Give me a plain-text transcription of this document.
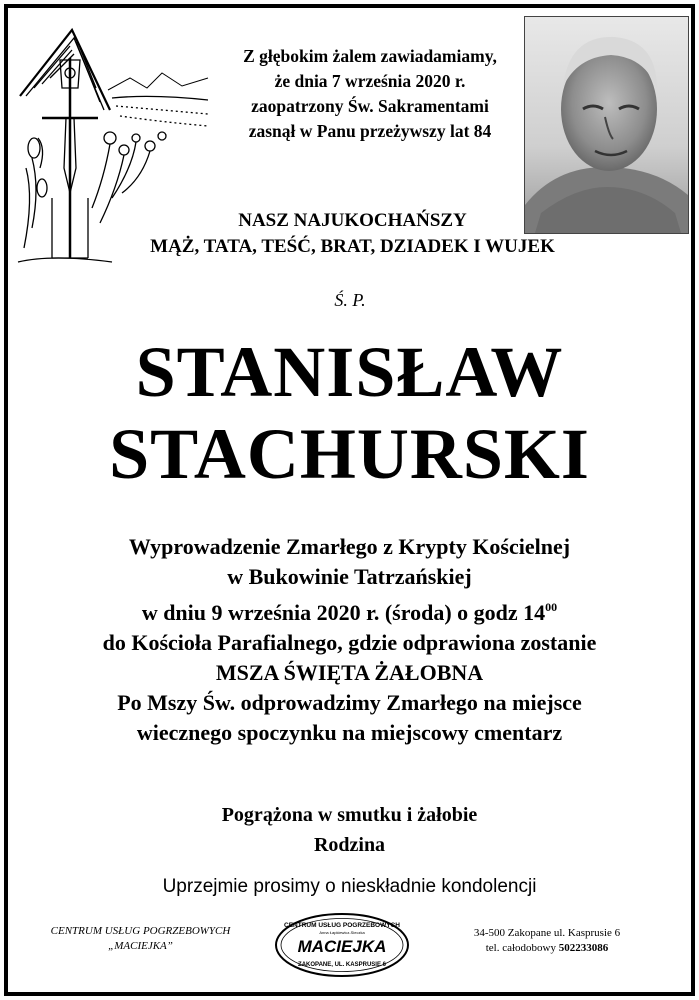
Z głębokim żalem zawiadamiamy,
że dnia 7 września 2020 r.
zaopatrzony Św. Sakramentami
zasnął w Panu przeżywszy lat 84
NASZ NAJUKOCHAŃSZY
MĄŻ, TATA, TEŚĆ, BRAT, DZIADEK I WUJEK
Ś. P.
STANISŁAW
STACHURSKI
Wyprowadzenie Zmarłego z Krypty Kościelnej
w Bukowinie Tatrzańskiej
w dniu 9 września 2020 r. (środa) o godz $14^{00}$
do Kościoła Parafialnego, gdzie odprawiona zostanie
MSZA ŚWIĘTA ŻAŁOBNA
Po Mszy Św. odprowadzimy Zmarłego na miejsce
wiecznego spoczynku na miejscowy cmentarz
Pogrążona w smutku i żałobie
Rodzina
Uprzejmie prosimy o nieskładnie kondolencji
CENTRUM USŁUG POGRZEBOWYCH
„MACIEJKA”
CENTRUM USŁUG POGRZEBOWYCH
Anna Łapkiewicz-Sieczka
MACIEJKA
ZAKOPANE, UL. KASPRUSIE 6
34-500 Zakopane ul. Kasprusie 6
tel. całodobowy 502233086
